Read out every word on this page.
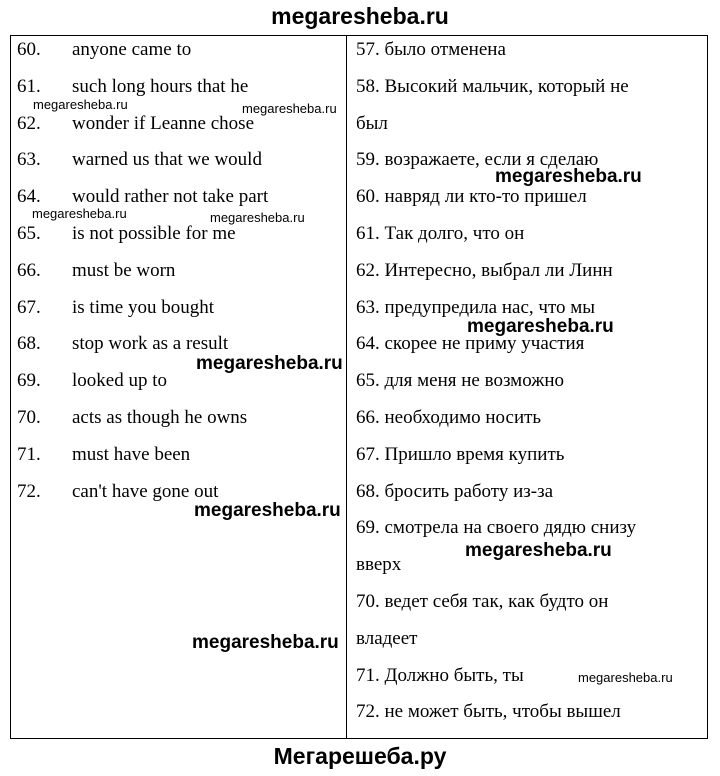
megaresheba.ru
60. anyone came to
61. such long hours that he
62. wonder if Leanne chose
63. warned us that we would
64. would rather not take part
65. is not possible for me
66. must be worn
67. is time you bought
68. stop work as a result
69. looked up to
70. acts as though he owns
71. must have been
72. can't have gone out
57. было отменена
58. Высокий мальчик, который не
был
59. возражаете, если я сделаю
60. навряд ли кто-то пришел
61. Так долго, что он
62. Интересно, выбрал ли Линн
63. предупредила нас, что мы
64. скорее не приму участия
65. для меня не возможно
66. необходимо носить
67. Пришло время купить
68. бросить работу из-за
69. смотрела на своего дядю снизу
вверх
70. ведет себя так, как будто он
владеет
71. Должно быть, ты
72. не может быть, чтобы вышел
megaresheba.ru
megaresheba.ru
megaresheba.ru
megaresheba.ru
megaresheba.ru
megaresheba.ru
megaresheba.ru	megaresheba.ru
megaresheba.ru	megaresheba.ru
megaresheba.ru
Мегарешеба.ру
